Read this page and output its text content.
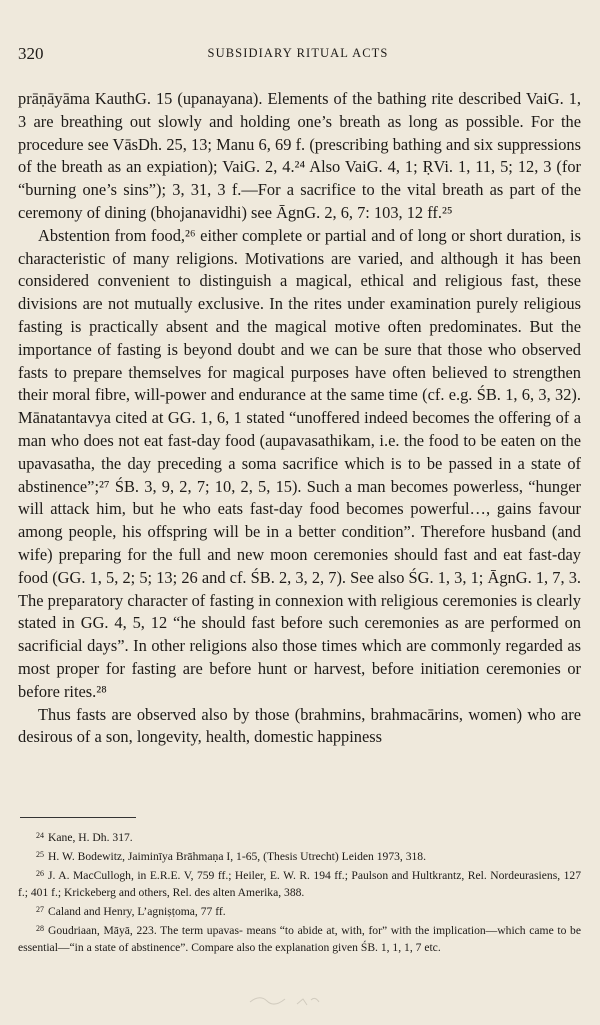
320	SUBSIDIARY RITUAL ACTS

prāṇāyāma KauthG. 15 (upanayana). Elements of the bathing rite described VaiG. 1, 3 are breathing out slowly and holding one’s breath as long as possible. For the procedure see VāsDh. 25, 13; Manu 6, 69 f. (prescribing bathing and six suppressions of the breath as an expiation); VaiG. 2, 4.²⁴ Also VaiG. 4, 1; ṚVi. 1, 11, 5; 12, 3 (for “burning one’s sins”); 3, 31, 3 f.—For a sacrifice to the vital breath as part of the ceremony of dining (bhojanavidhi) see ĀgnG. 2, 6, 7: 103, 12 ff.²⁵

Abstention from food,²⁶ either complete or partial and of long or short duration, is characteristic of many religions. Motivations are varied, and although it has been considered convenient to distinguish a magical, ethical and religious fast, these divisions are not mutually exclusive. In the rites under examination purely religious fasting is practically absent and the magical motive often predominates. But the importance of fasting is beyond doubt and we can be sure that those who observed fasts to prepare themselves for magical purposes have often believed to strengthen their moral fibre, will-power and endurance at the same time (cf. e.g. ŚB. 1, 6, 3, 32). Mānatantavya cited at GG. 1, 6, 1 stated “unoffered indeed becomes the offering of a man who does not eat fast-day food (aupavasathikam, i.e. the food to be eaten on the upavasatha, the day preceding a soma sacrifice which is to be passed in a state of abstinence”;²⁷ ŚB. 3, 9, 2, 7; 10, 2, 5, 15). Such a man becomes powerless, “hunger will attack him, but he who eats fast-day food becomes powerful…, gains favour among people, his offspring will be in a better condition”. Therefore husband (and wife) preparing for the full and new moon ceremonies should fast and eat fast-day food (GG. 1, 5, 2; 5; 13; 26 and cf. ŚB. 2, 3, 2, 7). See also ŚG. 1, 3, 1; ĀgnG. 1, 7, 3. The preparatory character of fasting in connexion with religious ceremonies is clearly stated in GG. 4, 5, 12 “he should fast before such ceremonies as are performed on sacrificial days”. In other religions also those times which are commonly regarded as most proper for fasting are before hunt or harvest, before initiation ceremonies or before rites.²⁸

Thus fasts are observed also by those (brahmins, brahmacārins, women) who are desirous of a son, longevity, health, domestic happiness

$^{24}$ Kane, H. Dh. 317.

$^{25}$ H. W. Bodewitz, Jaiminīya Brāhmaṇa I, 1-65, (Thesis Utrecht) Leiden 1973, 318.

$^{26}$ J. A. MacCullogh, in E.R.E. V, 759 ff.; Heiler, E. W. R. 194 ff.; Paulson and Hultkrantz, Rel. Nordeurasiens, 127 f.; 401 f.; Krickeberg and others, Rel. des alten Amerika, 388.

$^{27}$ Caland and Henry, L’agniṣṭoma, 77 ff.

$^{28}$ Goudriaan, Māyā, 223. The term upavas- means “to abide at, with, for” with the implication—which came to be essential—“in a state of abstinence”. Compare also the explanation given ŚB. 1, 1, 1, 7 etc.
